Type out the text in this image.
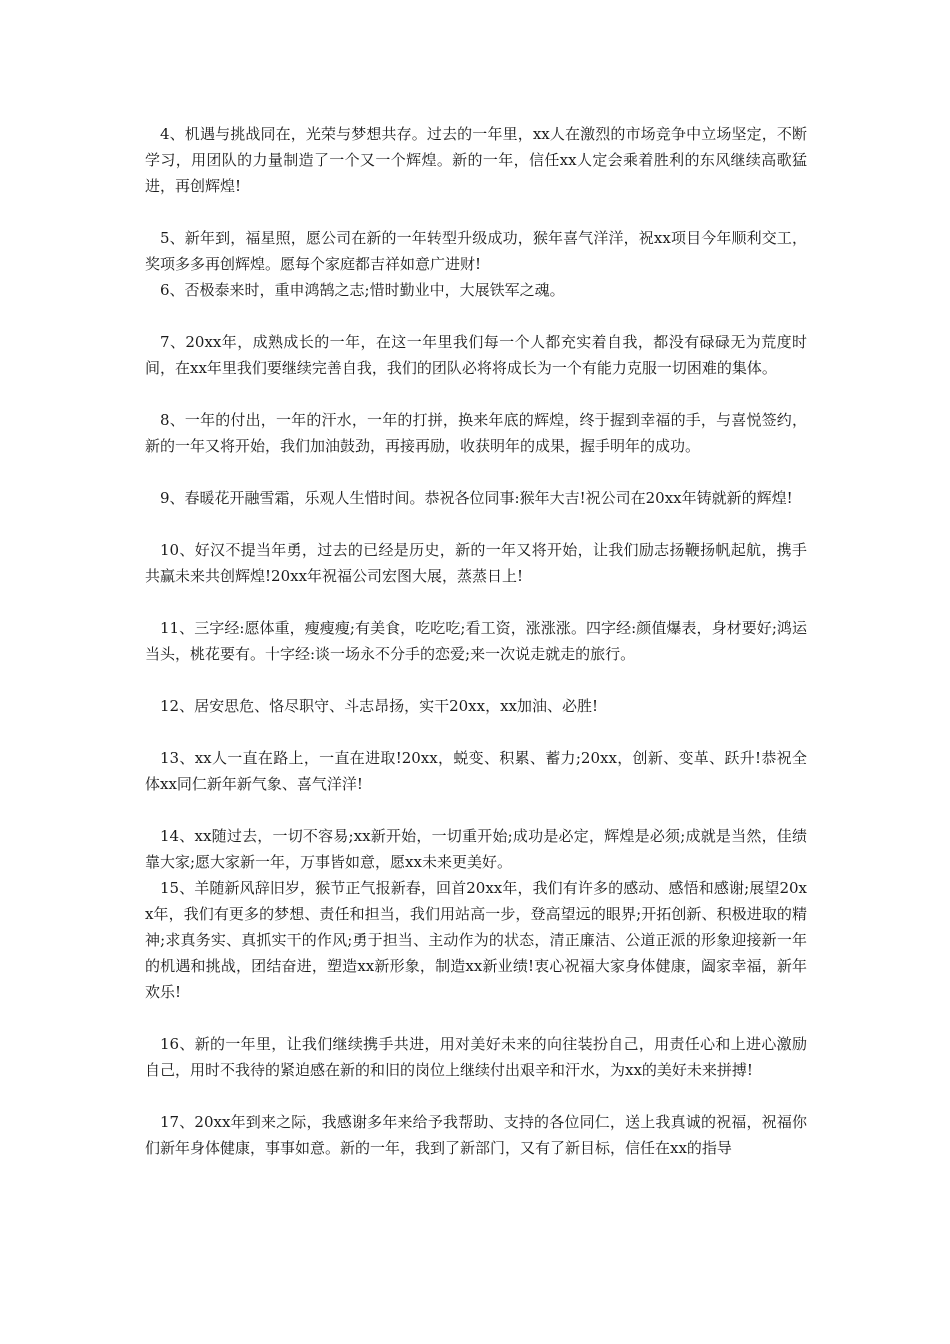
4、机遇与挑战同在，光荣与梦想共存。过去的一年里，xx人在激烈的市场竞争中立场坚定，不断学习，用团队的力量制造了一个又一个辉煌。新的一年，信任xx人定会乘着胜利的东风继续高歌猛进，再创辉煌!

5、新年到，福星照，愿公司在新的一年转型升级成功，猴年喜气洋洋，祝xx项目今年顺利交工，奖项多多再创辉煌。愿每个家庭都吉祥如意广进财!

6、否极泰来时，重申鸿鹄之志;惜时勤业中，大展铁军之魂。

7、20xx年，成熟成长的一年，在这一年里我们每一个人都充实着自我，都没有碌碌无为荒度时间，在xx年里我们要继续完善自我，我们的团队必将将成长为一个有能力克服一切困难的集体。

8、一年的付出，一年的汗水，一年的打拼，换来年底的辉煌，终于握到幸福的手，与喜悦签约，新的一年又将开始，我们加油鼓劲，再接再励，收获明年的成果，握手明年的成功。

9、春暖花开融雪霜，乐观人生惜时间。恭祝各位同事:猴年大吉!祝公司在20xx年铸就新的辉煌!

10、好汉不提当年勇，过去的已经是历史，新的一年又将开始，让我们励志扬鞭扬帆起航，携手共赢未来共创辉煌!20xx年祝福公司宏图大展，蒸蒸日上!

11、三字经:愿体重，瘦瘦瘦;有美食，吃吃吃;看工资，涨涨涨。四字经:颜值爆表，身材要好;鸿运当头，桃花要有。十字经:谈一场永不分手的恋爱;来一次说走就走的旅行。

12、居安思危、恪尽职守、斗志昂扬，实干20xx，xx加油、必胜!

13、xx人一直在路上，一直在进取!20xx，蜕变、积累、蓄力;20xx，创新、变革、跃升!恭祝全体xx同仁新年新气象、喜气洋洋!

14、xx随过去，一切不容易;xx新开始，一切重开始;成功是必定，辉煌是必须;成就是当然，佳绩靠大家;愿大家新一年，万事皆如意，愿xx未来更美好。

15、羊随新风辞旧岁，猴节正气报新春，回首20xx年，我们有许多的感动、感悟和感谢;展望20xx年，我们有更多的梦想、责任和担当，我们用站高一步，登高望远的眼界;开拓创新、积极进取的精神;求真务实、真抓实干的作风;勇于担当、主动作为的状态，清正廉洁、公道正派的形象迎接新一年的机遇和挑战，团结奋进，塑造xx新形象，制造xx新业绩!衷心祝福大家身体健康，阖家幸福，新年欢乐!

16、新的一年里，让我们继续携手共进，用对美好未来的向往装扮自己，用责任心和上进心激励自己，用时不我待的紧迫感在新的和旧的岗位上继续付出艰辛和汗水，为xx的美好未来拼搏!

17、20xx年到来之际，我感谢多年来给予我帮助、支持的各位同仁，送上我真诚的祝福，祝福你们新年身体健康，事事如意。新的一年，我到了新部门，又有了新目标，信任在xx的指导
